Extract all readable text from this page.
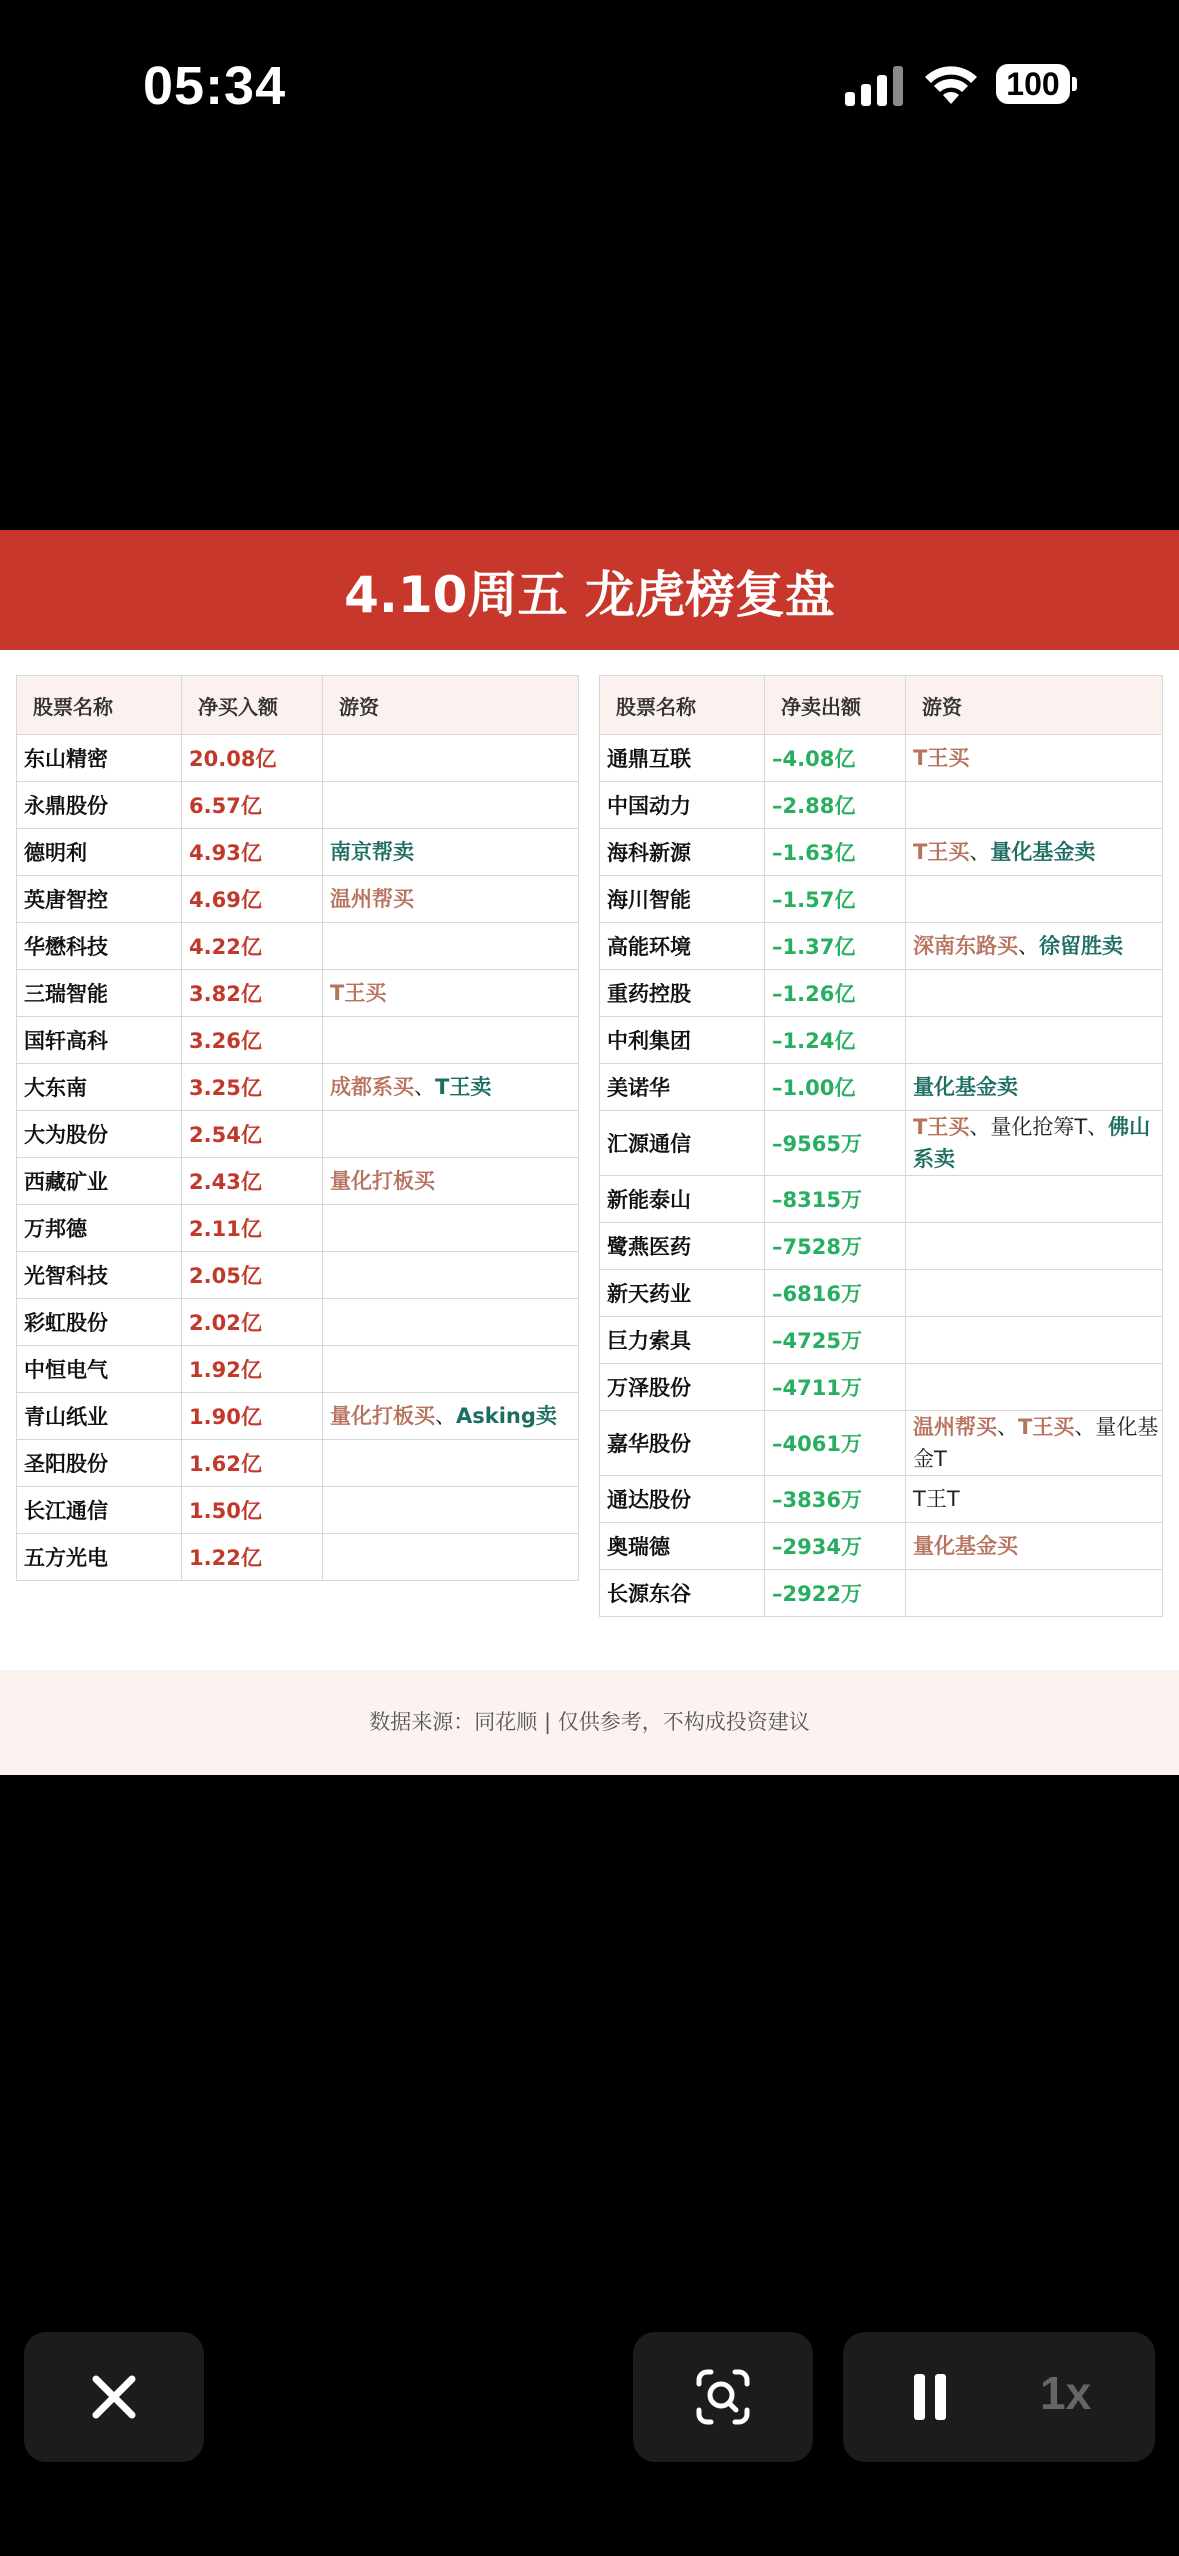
05:34	100
4.10周五 龙虎榜复盘
股票名称	净买入额	游资
东山精密	20.08亿	
永鼎股份	6.57亿	
德明利	4.93亿	南京帮卖
英唐智控	4.69亿	温州帮买
华懋科技	4.22亿	
三瑞智能	3.82亿	T王买
国轩高科	3.26亿	
大东南	3.25亿	成都系买、T王卖
大为股份	2.54亿	
西藏矿业	2.43亿	量化打板买
万邦德	2.11亿	
光智科技	2.05亿	
彩虹股份	2.02亿	
中恒电气	1.92亿	
青山纸业	1.90亿	量化打板买、Asking卖
圣阳股份	1.62亿	
长江通信	1.50亿	
五方光电	1.22亿	
股票名称	净卖出额	游资
通鼎互联	–4.08亿	T王买
中国动力	–2.88亿	
海科新源	–1.63亿	T王买、量化基金卖
海川智能	–1.57亿	
高能环境	–1.37亿	深南东路买、徐留胜卖
重药控股	–1.26亿	
中利集团	–1.24亿	
美诺华	–1.00亿	量化基金卖
汇源通信	–9565万	T王买、量化抢筹T、佛山系卖
新能泰山	–8315万	
鹭燕医药	–7528万	
新天药业	–6816万	
巨力索具	–4725万	
万泽股份	–4711万	
嘉华股份	–4061万	温州帮买、T王买、量化基金T
通达股份	–3836万	T王T
奥瑞德	–2934万	量化基金买
长源东谷	–2922万	
数据来源：同花顺 | 仅供参考，不构成投资建议
1x
